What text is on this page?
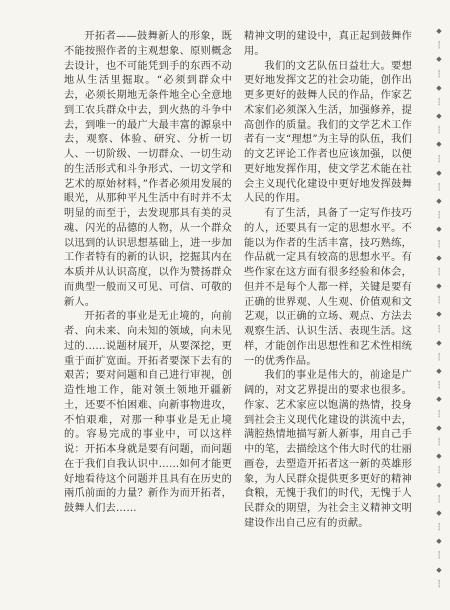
开拓者——鼓舞新人的形象，既不能按照作者的主观想象、原则概念去设计，也不可能凭到手的东西不动地从生活里掘取。“必须到群众中去，必须长期地无条件地全心全意地到工农兵群众中去，到火热的斗争中去，到唯一的最广大最丰富的源泉中去，观察、体验、研究、分析一切人、一切阶级、一切群众、一切生动的生活形式和斗争形式、一切文学和艺术的原始材料，”作者必须用发展的眼光，从那种平凡生活中有时并不太明显的而至于，去发现那具有美的灵魂、闪光的品德的人物，从一个群众以迅到的认识思想基础上，进一步加工作者特有的新的认识，挖掘其内在本质并从认识高度，以作为赞扬群众而典型一般而又可见、可信、可敬的新人。

开拓者的事业是无止境的，向前者、向未来、向未知的领域，向未见过的……说题材展开，从要深挖，更重于面扩宽面。开拓者要深下去有的艰苦；要对问题和自己进行审视，创造性地工作，能对领土领地开疆新土，还要不怕困难、向新事物进攻，不怕艰难，对那一种事业是无止境的。容易完成的事业中，可以这样说：开拓本身就是要有问题，而问题在于我们自我认识中……如何才能更好地看待这个问题并且具有在历史的兩爪前面的力量？新作为而开拓者，鼓舞人们去……

精神文明的建设中，真正起到鼓舞作用。

我们的文艺队伍日益壮大。要想更好地发挥文艺的社会功能，创作出更多更好的鼓舞人民的作品，作家艺术家们必须深入生活，加强修养，提高创作的质量。我们的文学艺术工作者有一支“理想”为主导的队伍，我们的文艺评论工作者也应该加强，以便更好地发挥作用，使文学艺术能在社会主义现代化建设中更好地发挥鼓舞人民的作用。

有了生活，具备了一定写作技巧的人，还要具有一定的思想水平。不能以为作者的生活丰富，技巧熟练，作品就一定具有较高的思想水平。有些作家在这方面有很多经验和体会，但并不是每个人都一样，关键是要有正确的世界观、人生观、价值观和文艺观，以正确的立场、观点、方法去观察生活、认识生活、表现生活。这样，才能创作出思想性和艺术性相统一的优秀作品。

我们的事业是伟大的，前途是广阔的，对文艺界提出的要求也很多。作家、艺术家应以饱满的热情，投身到社会主义现代化建设的洪流中去，满腔热情地描写新人新事，用自己手中的笔，去描绘这个伟大时代的壮丽画卷，去塑造开拓者这一新的英雄形象，为人民群众提供更多更好的精神食粮，无愧于我们的时代，无愧于人民群众的期望，为社会主义精神文明建设作出自己应有的贡献。

◆
┆
◆
┆
◆
┆
◆
┆
◆
┆
◆
┆
◆
┆
◆
┆
◆
┆
◆
┆
◆
┆
◆
┆
◆
┆
◆
┆
◆
┆
◆
┆
◆
┆
◆
┆
◆
┆
◆
┆
